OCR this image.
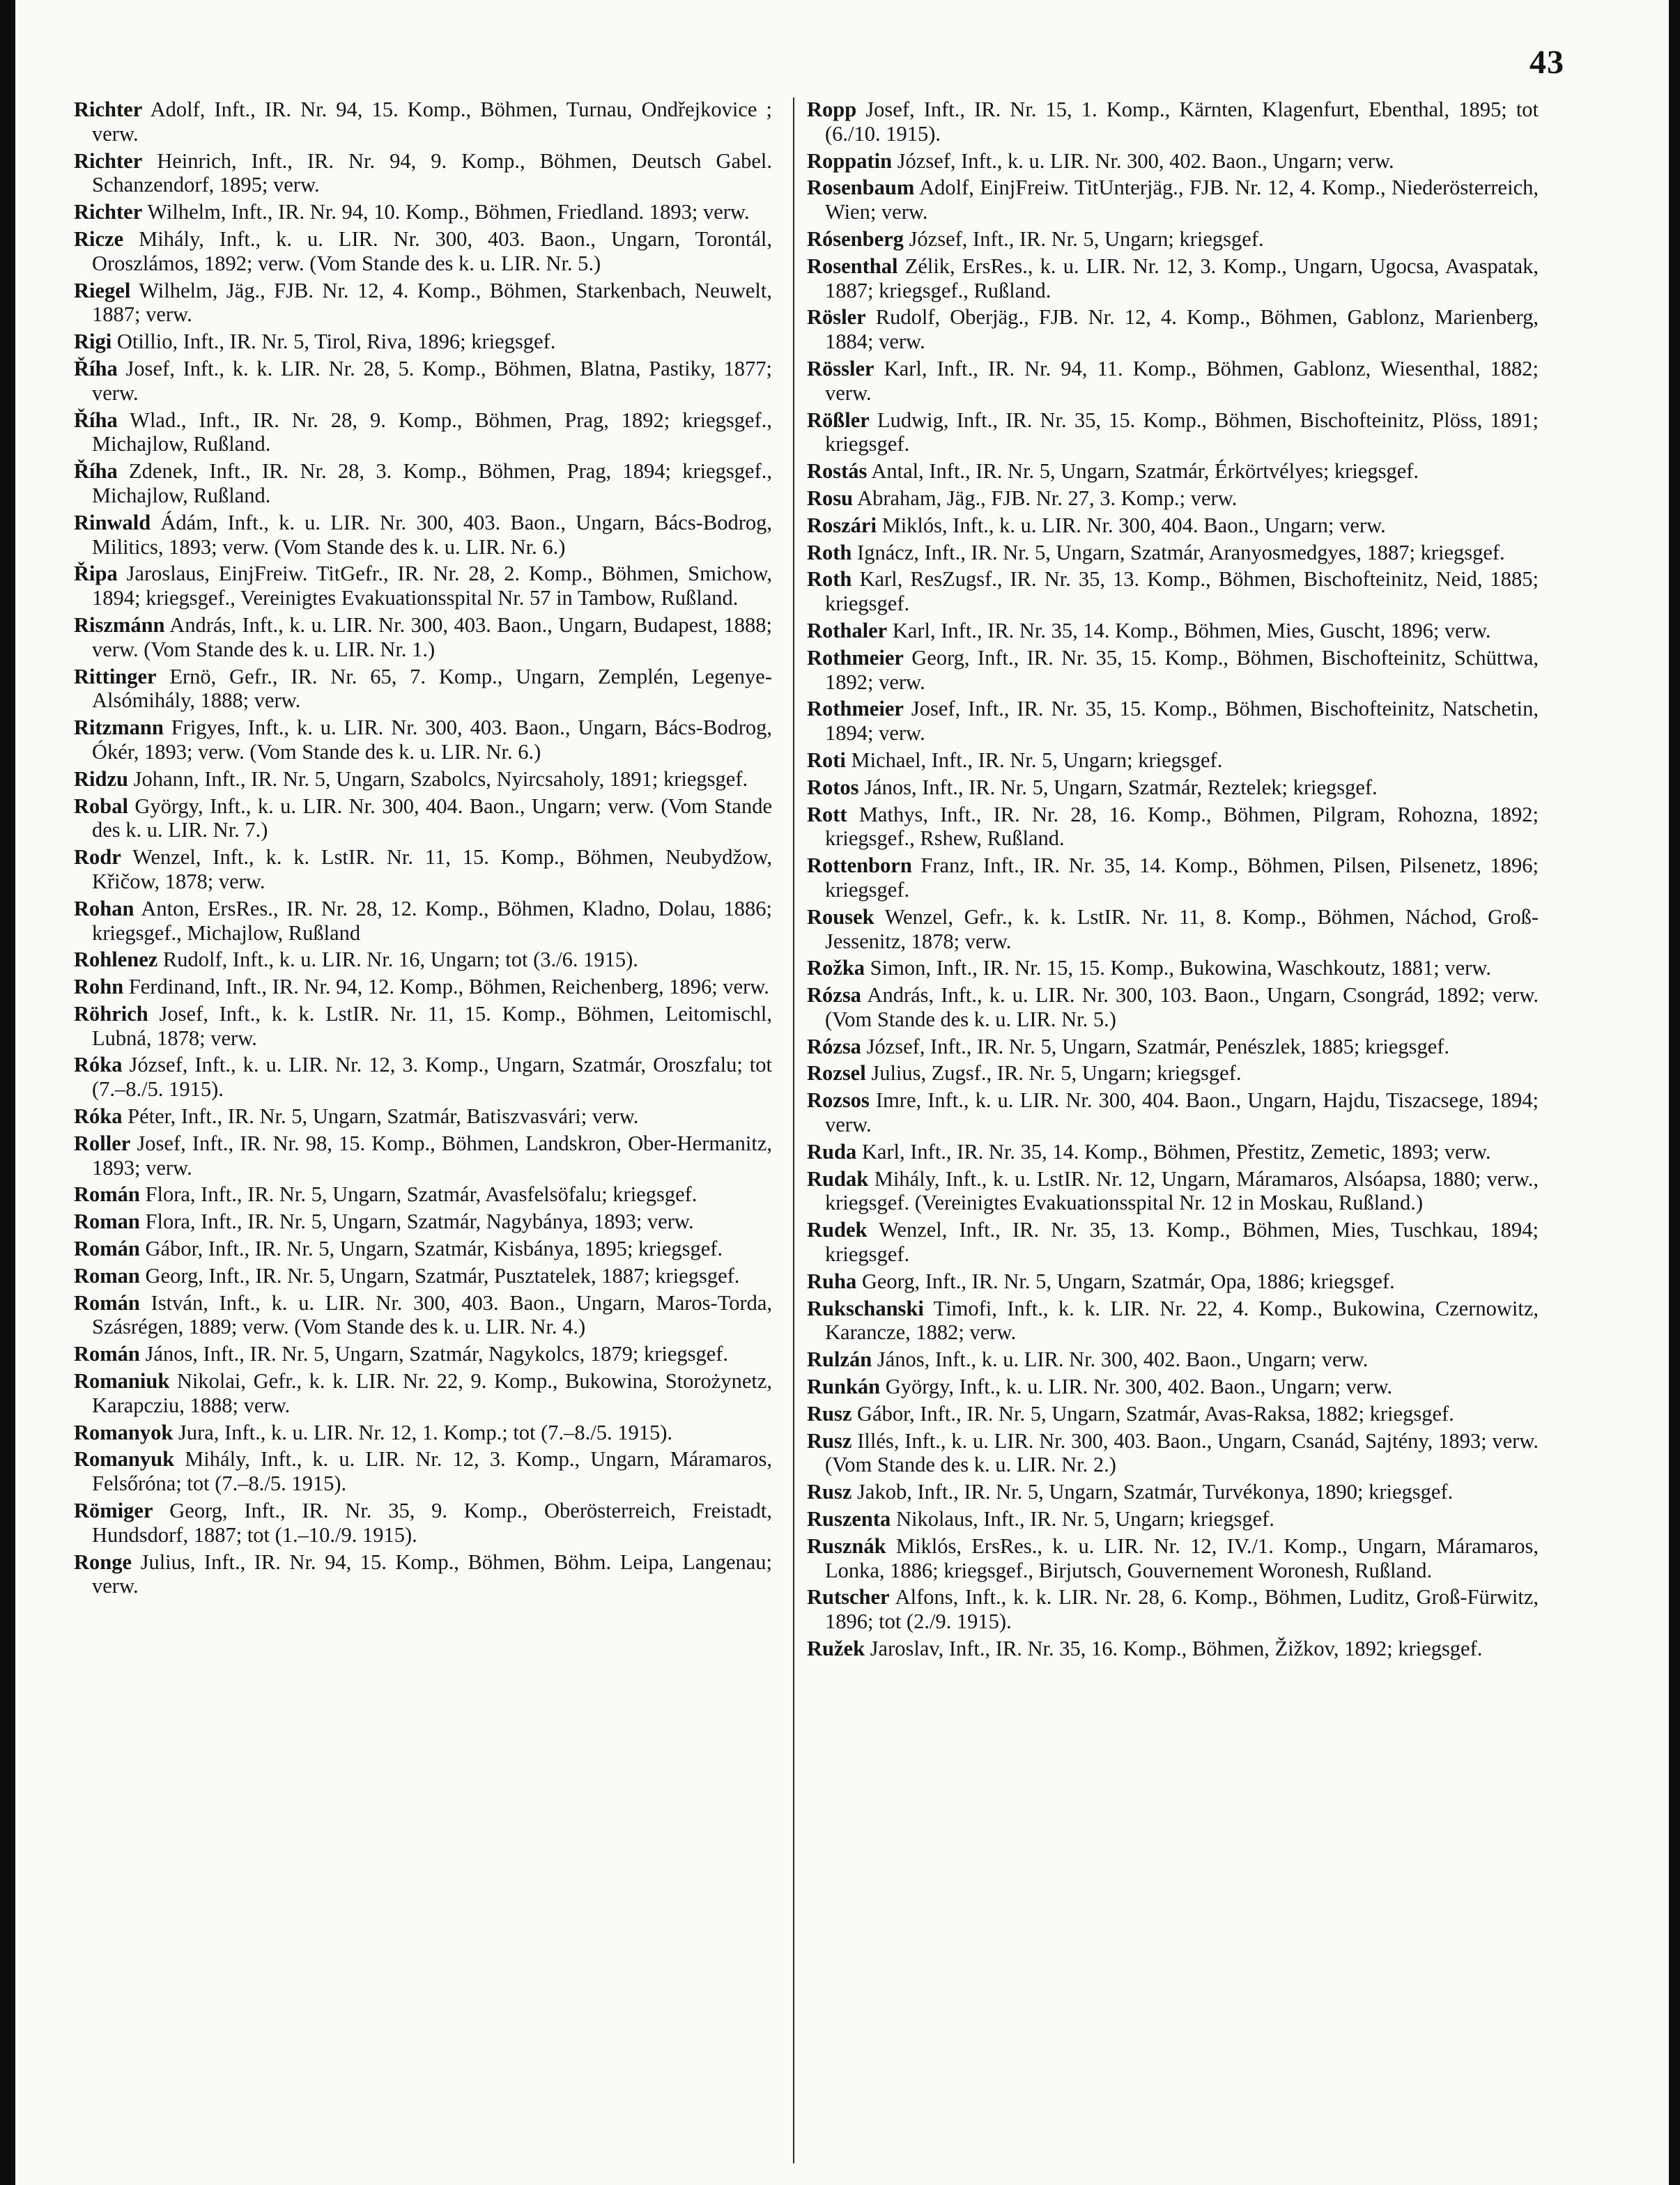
43

Richter Adolf, Inft., IR. Nr. 94, 15. Komp., Böhmen, Turnau, Ondřejkovice ; verw.

Richter Heinrich, Inft., IR. Nr. 94, 9. Komp., Böhmen, Deutsch Gabel. Schanzendorf, 1895; verw.

Richter Wilhelm, Inft., IR. Nr. 94, 10. Komp., Böhmen, Friedland. 1893; verw.

Ricze Mihály, Inft., k. u. LIR. Nr. 300, 403. Baon., Ungarn, Torontál, Oroszlámos, 1892; verw. (Vom Stande des k. u. LIR. Nr. 5.)

Riegel Wilhelm, Jäg., FJB. Nr. 12, 4. Komp., Böhmen, Starkenbach, Neuwelt, 1887; verw.

Rigi Otillio, Inft., IR. Nr. 5, Tirol, Riva, 1896; kriegsgef.

Říha Josef, Inft., k. k. LIR. Nr. 28, 5. Komp., Böhmen, Blatna, Pastiky, 1877; verw.

Říha Wlad., Inft., IR. Nr. 28, 9. Komp., Böhmen, Prag, 1892; kriegsgef., Michajlow, Rußland.

Říha Zdenek, Inft., IR. Nr. 28, 3. Komp., Böhmen, Prag, 1894; kriegsgef., Michajlow, Rußland.

Rinwald Ádám, Inft., k. u. LIR. Nr. 300, 403. Baon., Ungarn, Bács-Bodrog, Militics, 1893; verw. (Vom Stande des k. u. LIR. Nr. 6.)

Řipa Jaroslaus, EinjFreiw. TitGefr., IR. Nr. 28, 2. Komp., Böhmen, Smichow, 1894; kriegsgef., Vereinigtes Evakuationsspital Nr. 57 in Tambow, Rußland.

Riszmánn András, Inft., k. u. LIR. Nr. 300, 403. Baon., Ungarn, Budapest, 1888; verw. (Vom Stande des k. u. LIR. Nr. 1.)

Rittinger Ernö, Gefr., IR. Nr. 65, 7. Komp., Ungarn, Zemplén, Legenye-Alsómihály, 1888; verw.

Ritzmann Frigyes, Inft., k. u. LIR. Nr. 300, 403. Baon., Ungarn, Bács-Bodrog, Ókér, 1893; verw. (Vom Stande des k. u. LIR. Nr. 6.)

Ridzu Johann, Inft., IR. Nr. 5, Ungarn, Szabolcs, Nyircsaholy, 1891; kriegsgef.

Robal György, Inft., k. u. LIR. Nr. 300, 404. Baon., Ungarn; verw. (Vom Stande des k. u. LIR. Nr. 7.)

Rodr Wenzel, Inft., k. k. LstIR. Nr. 11, 15. Komp., Böhmen, Neubydžow, Křičow, 1878; verw.

Rohan Anton, ErsRes., IR. Nr. 28, 12. Komp., Böhmen, Kladno, Dolau, 1886; kriegsgef., Michajlow, Rußland

Rohlenez Rudolf, Inft., k. u. LIR. Nr. 16, Ungarn; tot (3./6. 1915).

Rohn Ferdinand, Inft., IR. Nr. 94, 12. Komp., Böhmen, Reichenberg, 1896; verw.

Röhrich Josef, Inft., k. k. LstIR. Nr. 11, 15. Komp., Böhmen, Leitomischl, Lubná, 1878; verw.

Róka József, Inft., k. u. LIR. Nr. 12, 3. Komp., Ungarn, Szatmár, Oroszfalu; tot (7.–8./5. 1915).

Róka Péter, Inft., IR. Nr. 5, Ungarn, Szatmár, Batiszvasvári; verw.

Roller Josef, Inft., IR. Nr. 98, 15. Komp., Böhmen, Landskron, Ober-Hermanitz, 1893; verw.

Román Flora, Inft., IR. Nr. 5, Ungarn, Szatmár, Avasfelsöfalu; kriegsgef.

Roman Flora, Inft., IR. Nr. 5, Ungarn, Szatmár, Nagybánya, 1893; verw.

Román Gábor, Inft., IR. Nr. 5, Ungarn, Szatmár, Kisbánya, 1895; kriegsgef.

Roman Georg, Inft., IR. Nr. 5, Ungarn, Szatmár, Pusztatelek, 1887; kriegsgef.

Román István, Inft., k. u. LIR. Nr. 300, 403. Baon., Ungarn, Maros-Torda, Szásrégen, 1889; verw. (Vom Stande des k. u. LIR. Nr. 4.)

Román János, Inft., IR. Nr. 5, Ungarn, Szatmár, Nagykolcs, 1879; kriegsgef.

Romaniuk Nikolai, Gefr., k. k. LIR. Nr. 22, 9. Komp., Bukowina, Storożynetz, Karapcziu, 1888; verw.

Romanyok Jura, Inft., k. u. LIR. Nr. 12, 1. Komp.; tot (7.–8./5. 1915).

Romanyuk Mihály, Inft., k. u. LIR. Nr. 12, 3. Komp., Ungarn, Máramaros, Felsőróna; tot (7.–8./5. 1915).

Römiger Georg, Inft., IR. Nr. 35, 9. Komp., Oberösterreich, Freistadt, Hundsdorf, 1887; tot (1.–10./9. 1915).

Ronge Julius, Inft., IR. Nr. 94, 15. Komp., Böhmen, Böhm. Leipa, Langenau; verw.

Ropp Josef, Inft., IR. Nr. 15, 1. Komp., Kärnten, Klagenfurt, Ebenthal, 1895; tot (6./10. 1915).

Roppatin József, Inft., k. u. LIR. Nr. 300, 402. Baon., Ungarn; verw.

Rosenbaum Adolf, EinjFreiw. TitUnterjäg., FJB. Nr. 12, 4. Komp., Niederösterreich, Wien; verw.

Rósenberg József, Inft., IR. Nr. 5, Ungarn; kriegsgef.

Rosenthal Zélik, ErsRes., k. u. LIR. Nr. 12, 3. Komp., Ungarn, Ugocsa, Avaspatak, 1887; kriegsgef., Rußland.

Rösler Rudolf, Oberjäg., FJB. Nr. 12, 4. Komp., Böhmen, Gablonz, Marienberg, 1884; verw.

Rössler Karl, Inft., IR. Nr. 94, 11. Komp., Böhmen, Gablonz, Wiesenthal, 1882; verw.

Rößler Ludwig, Inft., IR. Nr. 35, 15. Komp., Böhmen, Bischofteinitz, Plöss, 1891; kriegsgef.

Rostás Antal, Inft., IR. Nr. 5, Ungarn, Szatmár, Érkörtvélyes; kriegsgef.

Rosu Abraham, Jäg., FJB. Nr. 27, 3. Komp.; verw.

Roszári Miklós, Inft., k. u. LIR. Nr. 300, 404. Baon., Ungarn; verw.

Roth Ignácz, Inft., IR. Nr. 5, Ungarn, Szatmár, Aranyosmedgyes, 1887; kriegsgef.

Roth Karl, ResZugsf., IR. Nr. 35, 13. Komp., Böhmen, Bischofteinitz, Neid, 1885; kriegsgef.

Rothaler Karl, Inft., IR. Nr. 35, 14. Komp., Böhmen, Mies, Guscht, 1896; verw.

Rothmeier Georg, Inft., IR. Nr. 35, 15. Komp., Böhmen, Bischofteinitz, Schüttwa, 1892; verw.

Rothmeier Josef, Inft., IR. Nr. 35, 15. Komp., Böhmen, Bischofteinitz, Natschetin, 1894; verw.

Roti Michael, Inft., IR. Nr. 5, Ungarn; kriegsgef.

Rotos János, Inft., IR. Nr. 5, Ungarn, Szatmár, Reztelek; kriegsgef.

Rott Mathys, Inft., IR. Nr. 28, 16. Komp., Böhmen, Pilgram, Rohozna, 1892; kriegsgef., Rshew, Rußland.

Rottenborn Franz, Inft., IR. Nr. 35, 14. Komp., Böhmen, Pilsen, Pilsenetz, 1896; kriegsgef.

Rousek Wenzel, Gefr., k. k. LstIR. Nr. 11, 8. Komp., Böhmen, Náchod, Groß-Jessenitz, 1878; verw.

Rožka Simon, Inft., IR. Nr. 15, 15. Komp., Bukowina, Waschkoutz, 1881; verw.

Rózsa András, Inft., k. u. LIR. Nr. 300, 103. Baon., Ungarn, Csongrád, 1892; verw. (Vom Stande des k. u. LIR. Nr. 5.)

Rózsa József, Inft., IR. Nr. 5, Ungarn, Szatmár, Penészlek, 1885; kriegsgef.

Rozsel Julius, Zugsf., IR. Nr. 5, Ungarn; kriegsgef.

Rozsos Imre, Inft., k. u. LIR. Nr. 300, 404. Baon., Ungarn, Hajdu, Tiszacsege, 1894; verw.

Ruda Karl, Inft., IR. Nr. 35, 14. Komp., Böhmen, Přestitz, Zemetic, 1893; verw.

Rudak Mihály, Inft., k. u. LstIR. Nr. 12, Ungarn, Máramaros, Alsóapsa, 1880; verw., kriegsgef. (Vereinigtes Evakuationsspital Nr. 12 in Moskau, Rußland.)

Rudek Wenzel, Inft., IR. Nr. 35, 13. Komp., Böhmen, Mies, Tuschkau, 1894; kriegsgef.

Ruha Georg, Inft., IR. Nr. 5, Ungarn, Szatmár, Opa, 1886; kriegsgef.

Rukschanski Timofi, Inft., k. k. LIR. Nr. 22, 4. Komp., Bukowina, Czernowitz, Karancze, 1882; verw.

Rulzán János, Inft., k. u. LIR. Nr. 300, 402. Baon., Ungarn; verw.

Runkán György, Inft., k. u. LIR. Nr. 300, 402. Baon., Ungarn; verw.

Rusz Gábor, Inft., IR. Nr. 5, Ungarn, Szatmár, Avas-Raksa, 1882; kriegsgef.

Rusz Illés, Inft., k. u. LIR. Nr. 300, 403. Baon., Ungarn, Csanád, Sajtény, 1893; verw. (Vom Stande des k. u. LIR. Nr. 2.)

Rusz Jakob, Inft., IR. Nr. 5, Ungarn, Szatmár, Turvékonya, 1890; kriegsgef.

Ruszenta Nikolaus, Inft., IR. Nr. 5, Ungarn; kriegsgef.

Rusznák Miklós, ErsRes., k. u. LIR. Nr. 12, IV./1. Komp., Ungarn, Máramaros, Lonka, 1886; kriegsgef., Birjutsch, Gouvernement Woronesh, Rußland.

Rutscher Alfons, Inft., k. k. LIR. Nr. 28, 6. Komp., Böhmen, Luditz, Groß-Fürwitz, 1896; tot (2./9. 1915).

Ružek Jaroslav, Inft., IR. Nr. 35, 16. Komp., Böhmen, Žižkov, 1892; kriegsgef.
